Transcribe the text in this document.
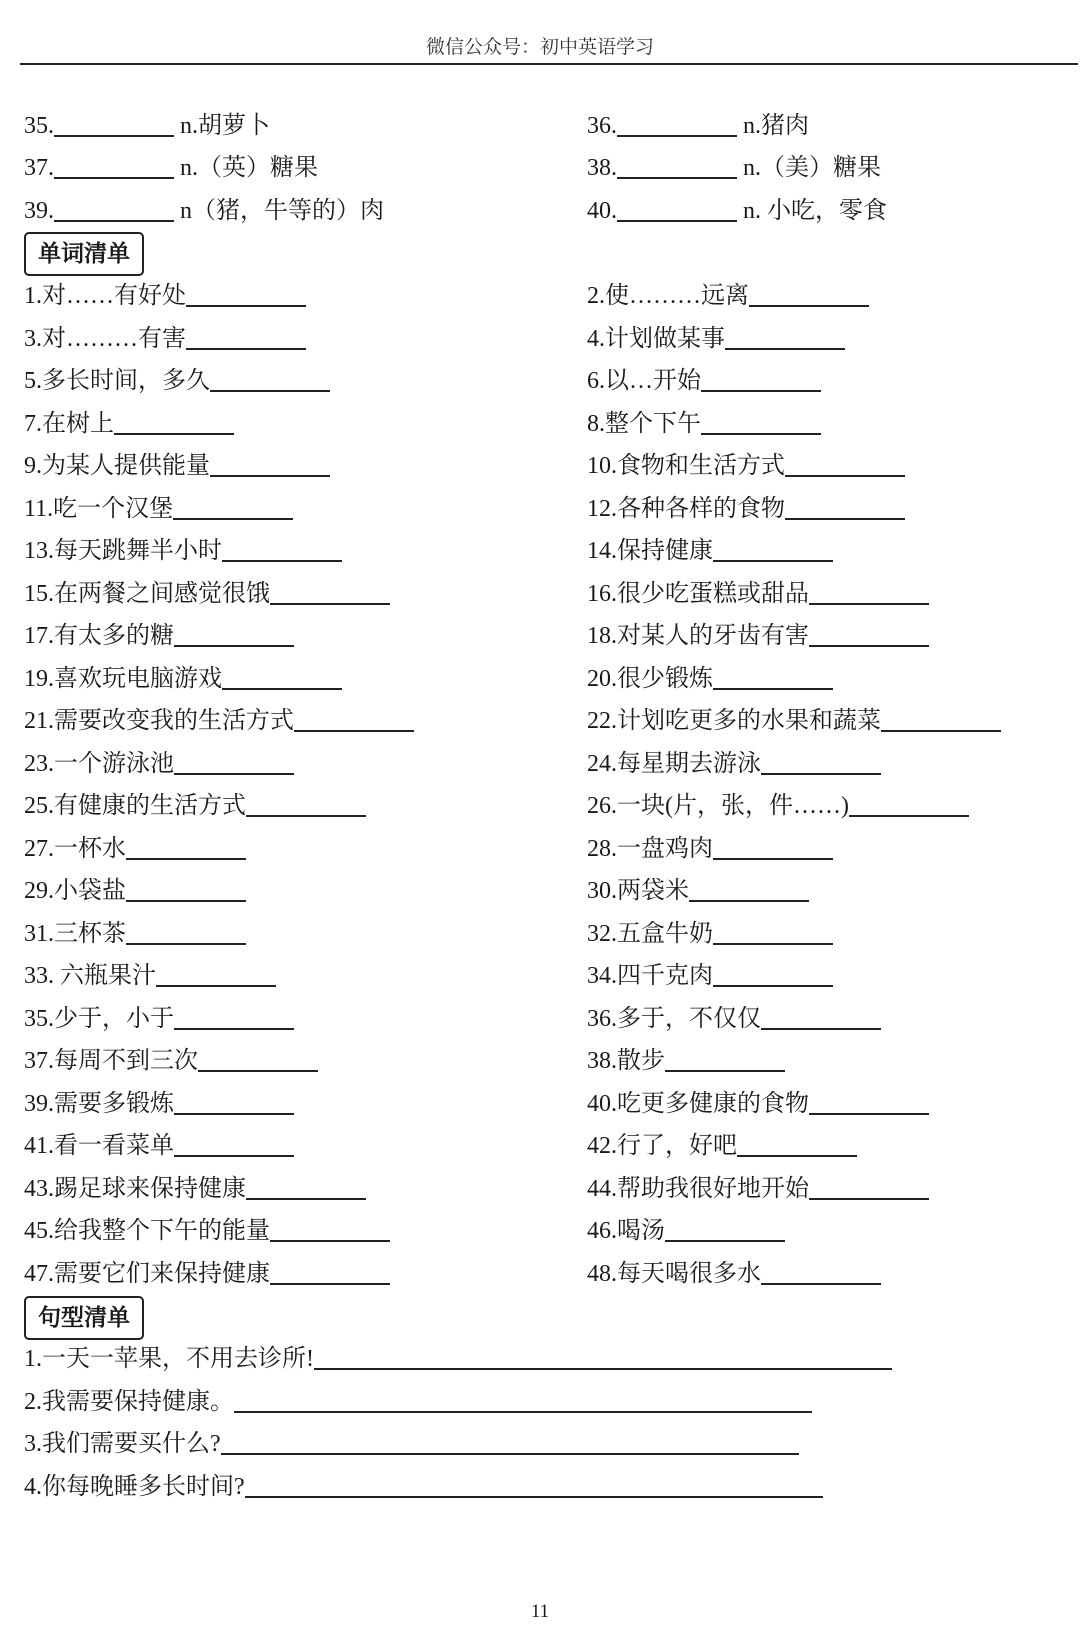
微信公众号：初中英语学习
35.	n.胡萝卜	36.	n.猪肉
37.	n.（英）糖果	38.	n.（美）糖果
39.	n（猪，牛等的）肉	40.	n. 小吃，零食
单词清单
1.对……有好处	2.使………远离
3.对………有害	4.计划做某事
5.多长时间，多久	6.以…开始
7.在树上	8.整个下午
9.为某人提供能量	10.食物和生活方式
11.吃一个汉堡	12.各种各样的食物
13.每天跳舞半小时	14.保持健康
15.在两餐之间感觉很饿	16.很少吃蛋糕或甜品
17.有太多的糖	18.对某人的牙齿有害
19.喜欢玩电脑游戏	20.很少锻炼
21.需要改变我的生活方式	22.计划吃更多的水果和蔬菜
23.一个游泳池	24.每星期去游泳
25.有健康的生活方式	26.一块(片，张，件……)
27.一杯水	28.一盘鸡肉
29.小袋盐	30.两袋米
31.三杯茶	32.五盒牛奶
33. 六瓶果汁	34.四千克肉
35.少于，小于	36.多于，不仅仅
37.每周不到三次	38.散步
39.需要多锻炼	40.吃更多健康的食物
41.看一看菜单	42.行了，好吧
43.踢足球来保持健康	44.帮助我很好地开始
45.给我整个下午的能量	46.喝汤
47.需要它们来保持健康	48.每天喝很多水
句型清单
1.一天一苹果，不用去诊所!
2.我需要保持健康。
3.我们需要买什么?
4.你每晚睡多长时间?
11
